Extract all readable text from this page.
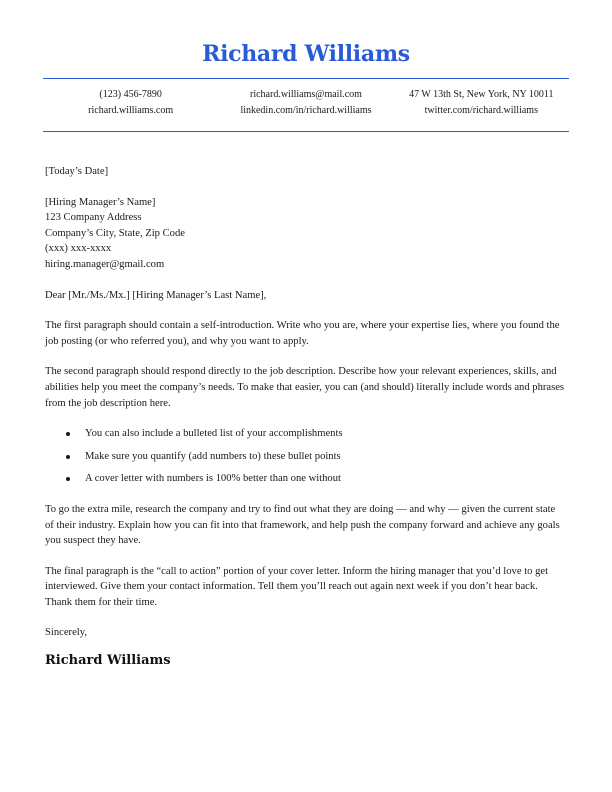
Richard Williams
(123) 456-7890	richard.williams@mail.com	47 W 13th St, New York, NY 10011
richard.williams.com	linkedin.com/in/richard.williams	twitter.com/richard.williams

[Today’s Date]

[Hiring Manager’s Name]

123 Company Address

Company’s City, State, Zip Code

(xxx) xxx-xxxx

hiring.manager@gmail.com

Dear [Mr./Ms./Mx.] [Hiring Manager’s Last Name],

The first paragraph should contain a self-introduction. Write who you are, where your expertise lies, where you found the job posting (or who referred you), and why you want to apply.

The second paragraph should respond directly to the job description. Describe how your relevant experiences, skills, and abilities help you meet the company’s needs. To make that easier, you can (and should) literally include words and phrases from the job description here.

You can also include a bulleted list of your accomplishments
Make sure you quantify (add numbers to) these bullet points
A cover letter with numbers is 100% better than one without

To go the extra mile, research the company and try to find out what they are doing — and why — given the current state of their industry. Explain how you can fit into that framework, and help push the company forward and achieve any goals you suspect they have.

The final paragraph is the “call to action” portion of your cover letter. Inform the hiring manager that you’d love to get interviewed. Give them your contact information. Tell them you’ll reach out again next week if you don’t hear back. Thank them for their time.

Sincerely,

Richard Williams
